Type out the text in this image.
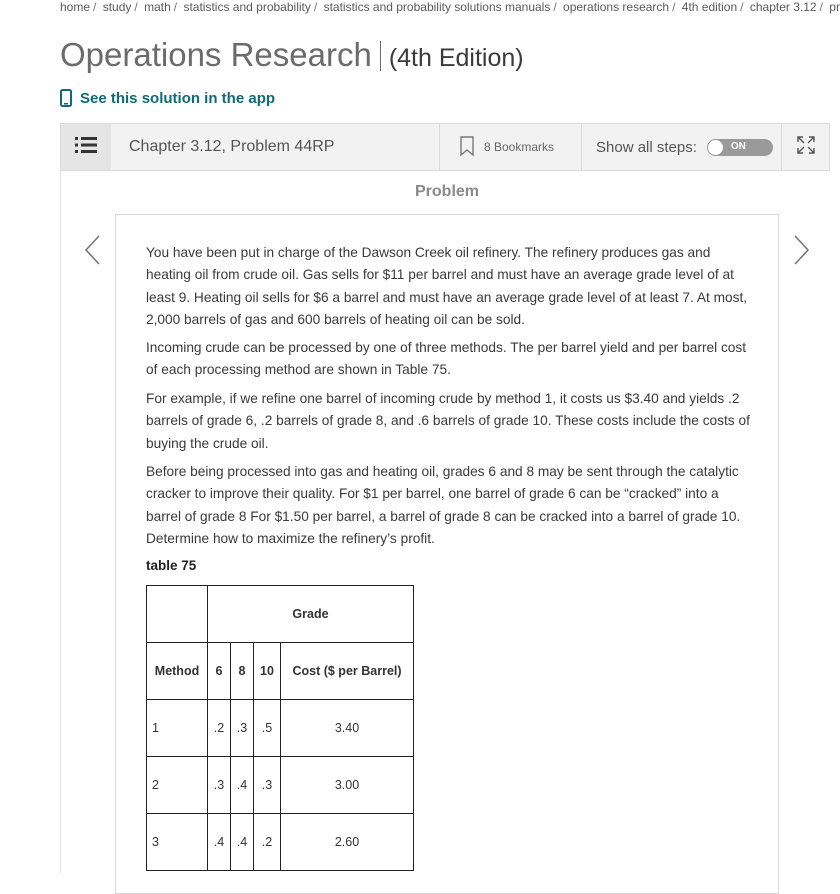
home / study / math / statistics and probability / statistics and probability solutions manuals / operations research / 4th edition / chapter 3.12 / pr
Operations Research (4th Edition)
See this solution in the app
Chapter 3.12, Problem 44RP	8 Bookmarks	Show all steps:	ON
Problem

You have been put in charge of the Dawson Creek oil refinery. The refinery produces gas and heating oil from crude oil. Gas sells for $11 per barrel and must have an average grade level of at least 9. Heating oil sells for $6 a barrel and must have an average grade level of at least 7. At most, 2,000 barrels of gas and 600 barrels of heating oil can be sold.

Incoming crude can be processed by one of three methods. The per barrel yield and per barrel cost of each processing method are shown in Table 75.

For example, if we refine one barrel of incoming crude by method 1, it costs us $3.40 and yields .2 barrels of grade 6, .2 barrels of grade 8, and .6 barrels of grade 10. These costs include the costs of buying the crude oil.

Before being processed into gas and heating oil, grades 6 and 8 may be sent through the catalytic cracker to improve their quality. For $1 per barrel, one barrel of grade 6 can be “cracked” into a barrel of grade 8 For $1.50 per barrel, a barrel of grade 8 can be cracked into a barrel of grade 10. Determine how to maximize the refinery’s profit.

table 75
	Grade			
Method	6	8	10	Cost ($ per Barrel)
1	.2	.3	.5	3.40
2	.3	.4	.3	3.00
3	.4	.4	.2	2.60
